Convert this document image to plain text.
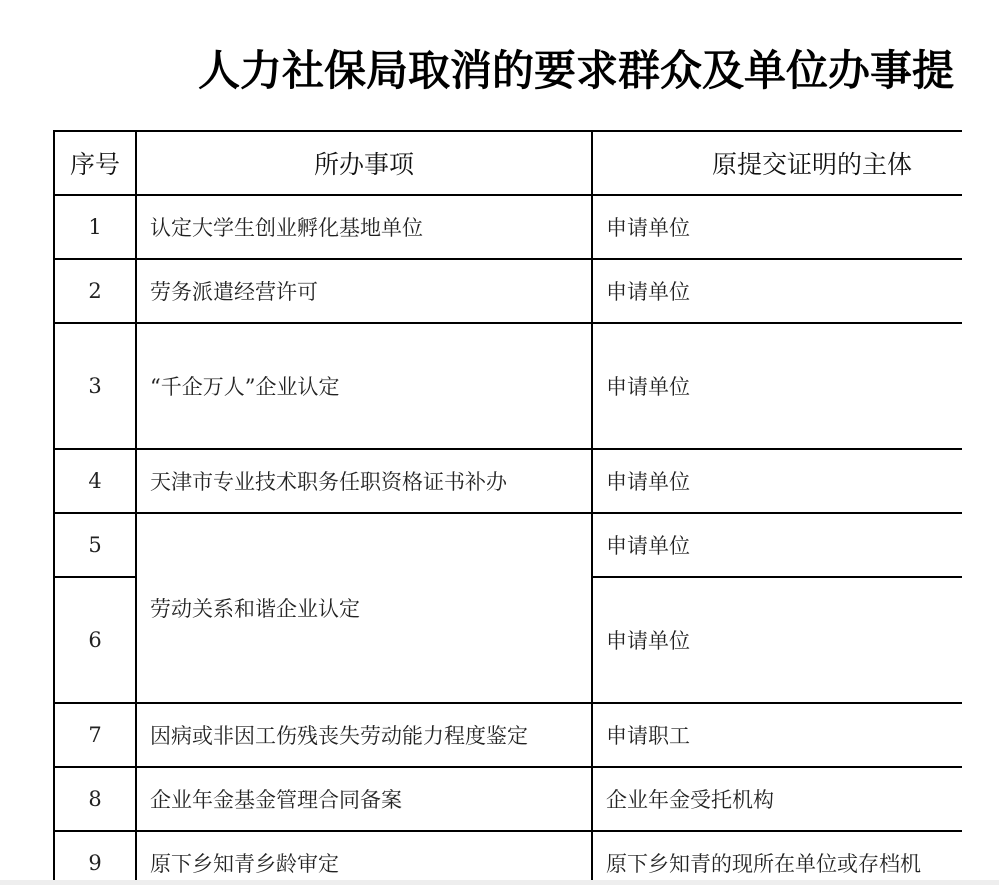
人力社保局取消的要求群众及单位办事提
序号	所办事项	原提交证明的主体
1	认定大学生创业孵化基地单位	申请单位
2	劳务派遣经营许可	申请单位
3	“千企万人”企业认定	申请单位
4	天津市专业技术职务任职资格证书补办	申请单位
5	劳动关系和谐企业认定	申请单位
6		申请单位
7	因病或非因工伤残丧失劳动能力程度鉴定	申请职工
8	企业年金基金管理合同备案	企业年金受托机构
9	原下乡知青乡龄审定	原下乡知青的现所在单位或存档机
